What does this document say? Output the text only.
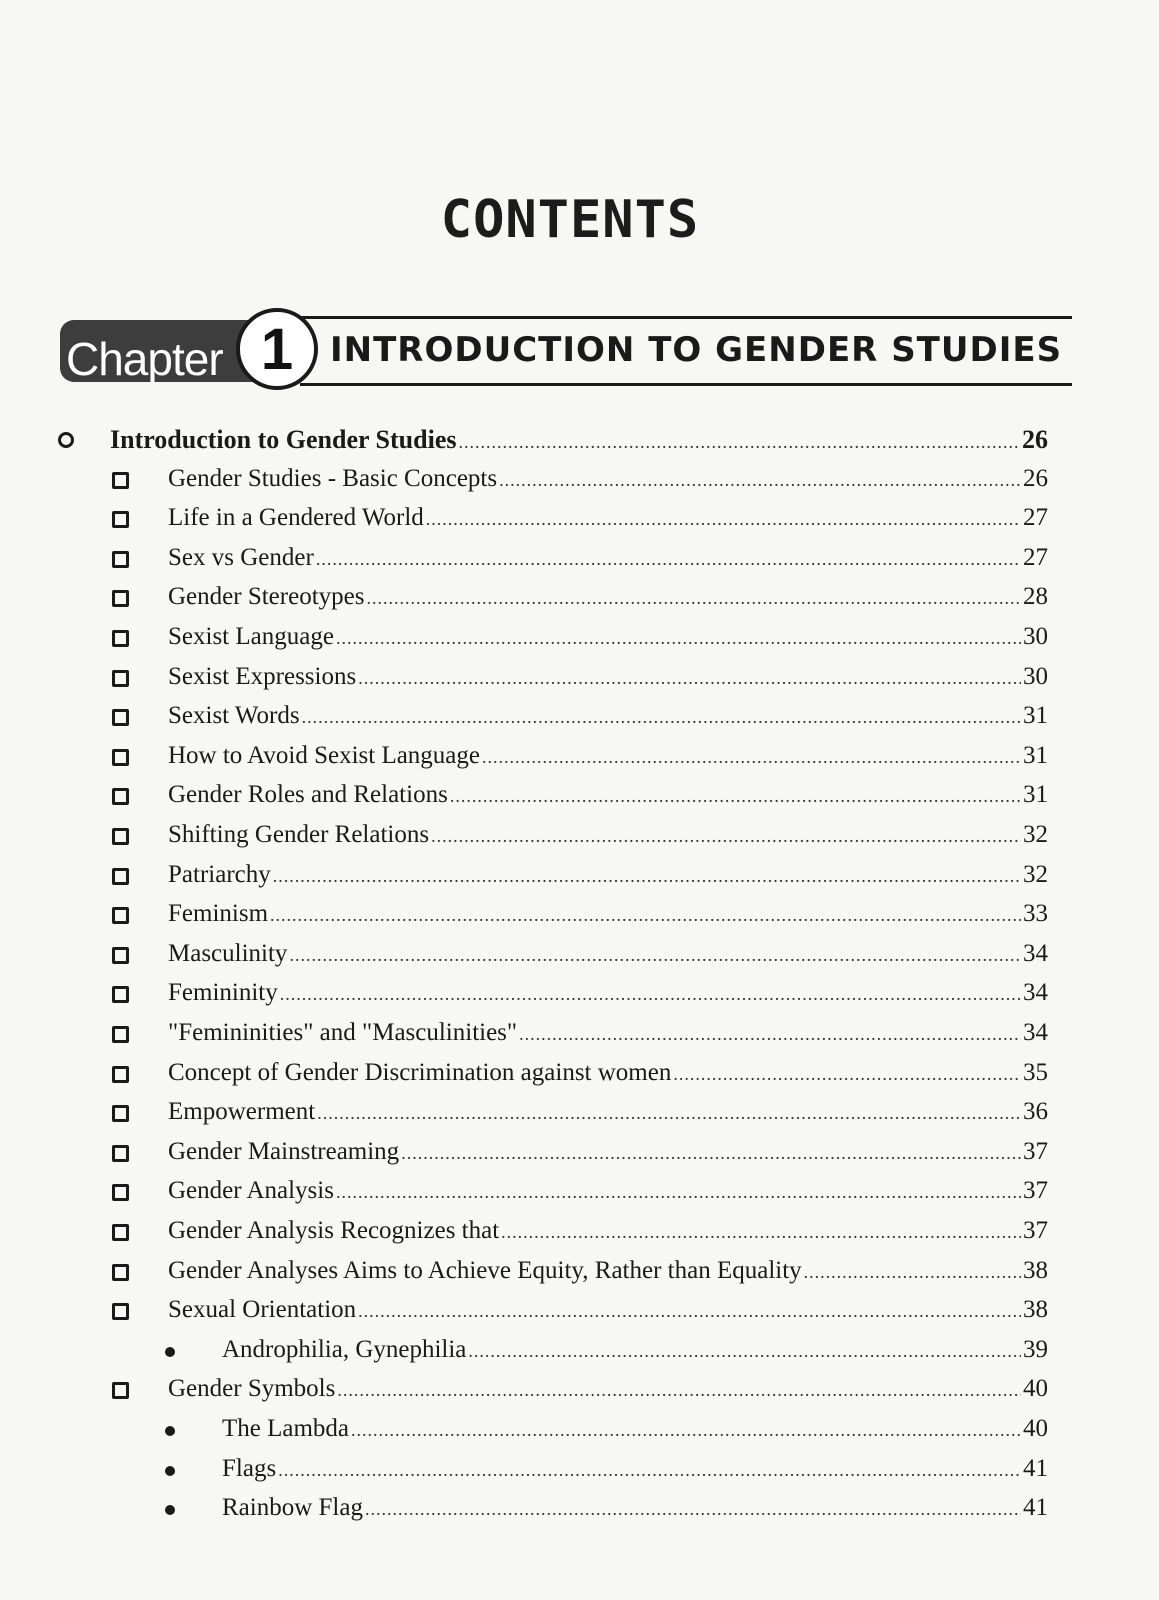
CONTENTS
Chapter 1	INTRODUCTION TO GENDER STUDIES
Introduction to Gender Studies .....	26
Gender Studies - Basic Concepts .....	26
Life in a Gendered World .....	27
Sex vs Gender .....	27
Gender Stereotypes .....	28
Sexist Language .....	30
Sexist Expressions .....	30
Sexist Words .....	31
How to Avoid Sexist Language .....	31
Gender Roles and Relations .....	31
Shifting Gender Relations .....	32
Patriarchy .....	32
Feminism .....	33
Masculinity .....	34
Femininity .....	34
"Femininities" and "Masculinities" .....	34
Concept of Gender Discrimination against women .....	35
Empowerment .....	36
Gender Mainstreaming .....	37
Gender Analysis .....	37
Gender Analysis Recognizes that .....	37
Gender Analyses Aims to Achieve Equity, Rather than Equality .....	38
Sexual Orientation .....	38
Androphilia, Gynephilia .....	39
Gender Symbols .....	40
The Lambda .....	40
Flags .....	41
Rainbow Flag .....	41
